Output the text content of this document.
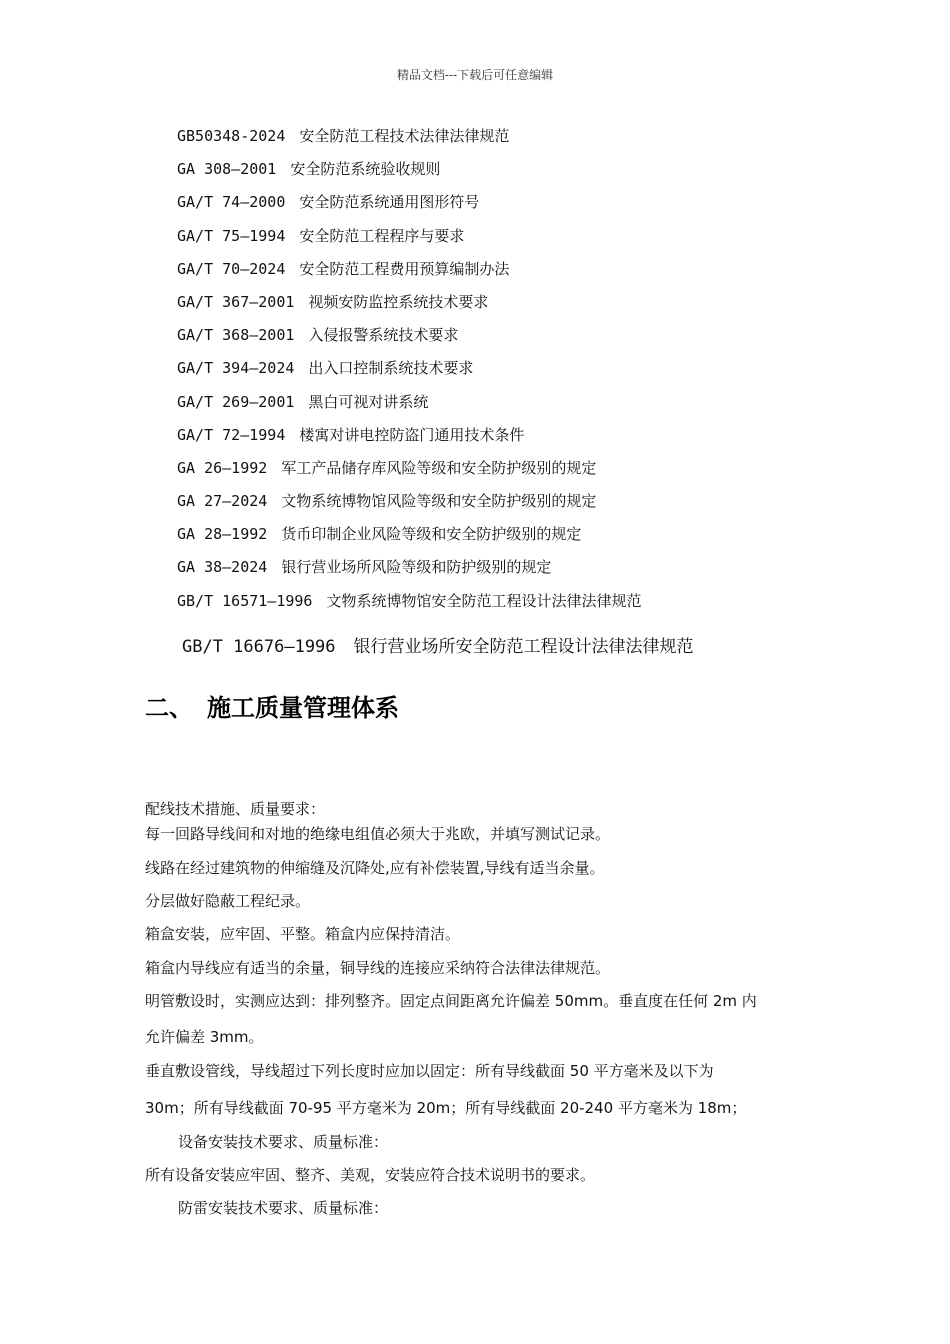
精品文档---下载后可任意编辑
GB50348-2024 安全防范工程技术法律法律规范
GA 308—2001 安全防范系统验收规则
GA/T 74—2000 安全防范系统通用图形符号
GA/T 75—1994 安全防范工程程序与要求
GA/T 70—2024 安全防范工程费用预算编制办法
GA/T 367—2001 视频安防监控系统技术要求
GA/T 368—2001 入侵报警系统技术要求
GA/T 394—2024 出入口控制系统技术要求
GA/T 269—2001 黑白可视对讲系统
GA/T 72—1994 楼寓对讲电控防盗门通用技术条件
GA 26—1992 军工产品储存库风险等级和安全防护级别的规定
GA 27—2024 文物系统博物馆风险等级和安全防护级别的规定
GA 28—1992 货币印制企业风险等级和安全防护级别的规定
GA 38—2024 银行营业场所风险等级和防护级别的规定
GB/T 16571—1996 文物系统博物馆安全防范工程设计法律法律规范
GB/T 16676—1996 银行营业场所安全防范工程设计法律法律规范
二、 施工质量管理体系
配线技术措施、质量要求：
每一回路导线间和对地的绝缘电组值必须大于兆欧，并填写测试记录。
线路在经过建筑物的伸缩缝及沉降处,应有补偿装置,导线有适当余量。
分层做好隐蔽工程纪录。
箱盒安装，应牢固、平整。箱盒内应保持清洁。
箱盒内导线应有适当的余量，铜导线的连接应采纳符合法律法律规范。
明管敷设时，实测应达到：排列整齐。固定点间距离允许偏差 50mm。垂直度在任何 2m 内
允许偏差 3mm。
垂直敷设管线，导线超过下列长度时应加以固定：所有导线截面 50 平方毫米及以下为
30m；所有导线截面 70-95 平方毫米为 20m；所有导线截面 20-240 平方毫米为 18m；
设备安装技术要求、质量标准：
所有设备安装应牢固、整齐、美观，安装应符合技术说明书的要求。
防雷安装技术要求、质量标准：
